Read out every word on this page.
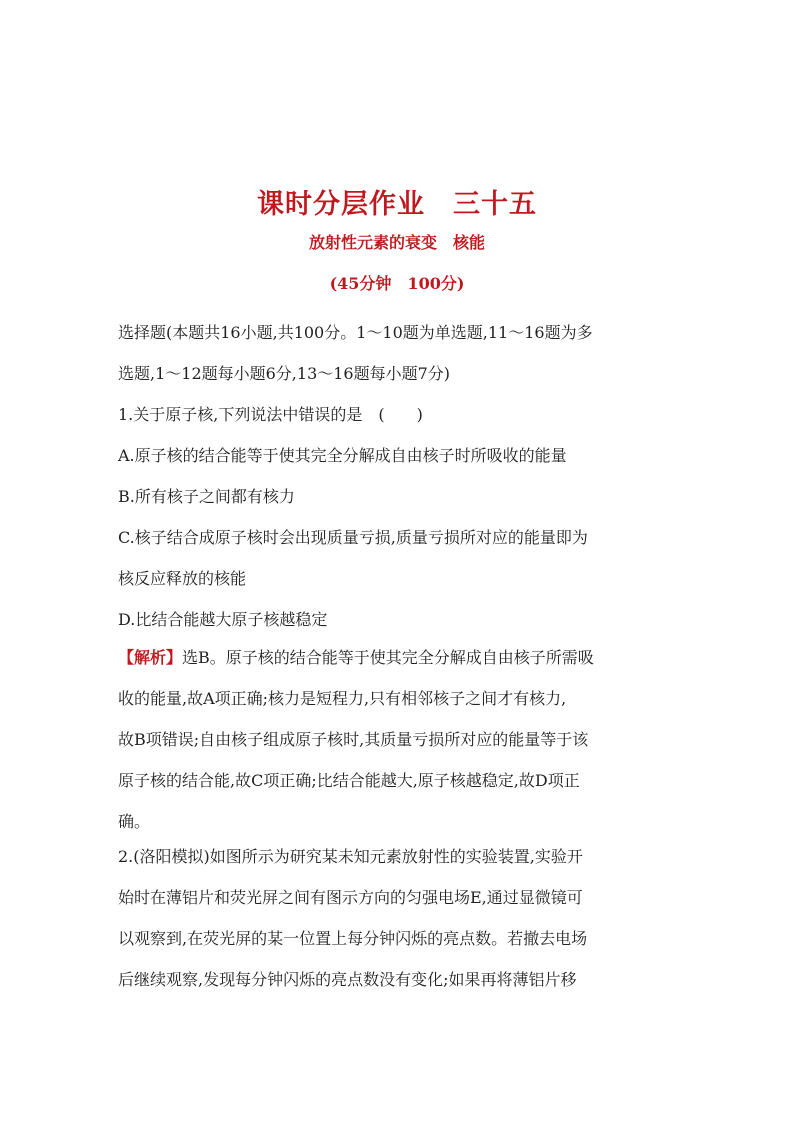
课时分层作业　三十五
放射性元素的衰变　核能
(45分钟　100分)
选择题(本题共16小题,共100分。1～10题为单选题,11～16题为多
选题,1～12题每小题6分,13～16题每小题7分)
1.关于原子核,下列说法中错误的是　(　　)
A.原子核的结合能等于使其完全分解成自由核子时所吸收的能量
B.所有核子之间都有核力
C.核子结合成原子核时会出现质量亏损,质量亏损所对应的能量即为
核反应释放的核能
D.比结合能越大原子核越稳定
【解析】选B。原子核的结合能等于使其完全分解成自由核子所需吸
收的能量,故A项正确;核力是短程力,只有相邻核子之间才有核力,
故B项错误;自由核子组成原子核时,其质量亏损所对应的能量等于该
原子核的结合能,故C项正确;比结合能越大,原子核越稳定,故D项正
确。
2.(洛阳模拟)如图所示为研究某未知元素放射性的实验装置,实验开
始时在薄铝片和荧光屏之间有图示方向的匀强电场E,通过显微镜可
以观察到,在荧光屏的某一位置上每分钟闪烁的亮点数。若撤去电场
后继续观察,发现每分钟闪烁的亮点数没有变化;如果再将薄铝片移
